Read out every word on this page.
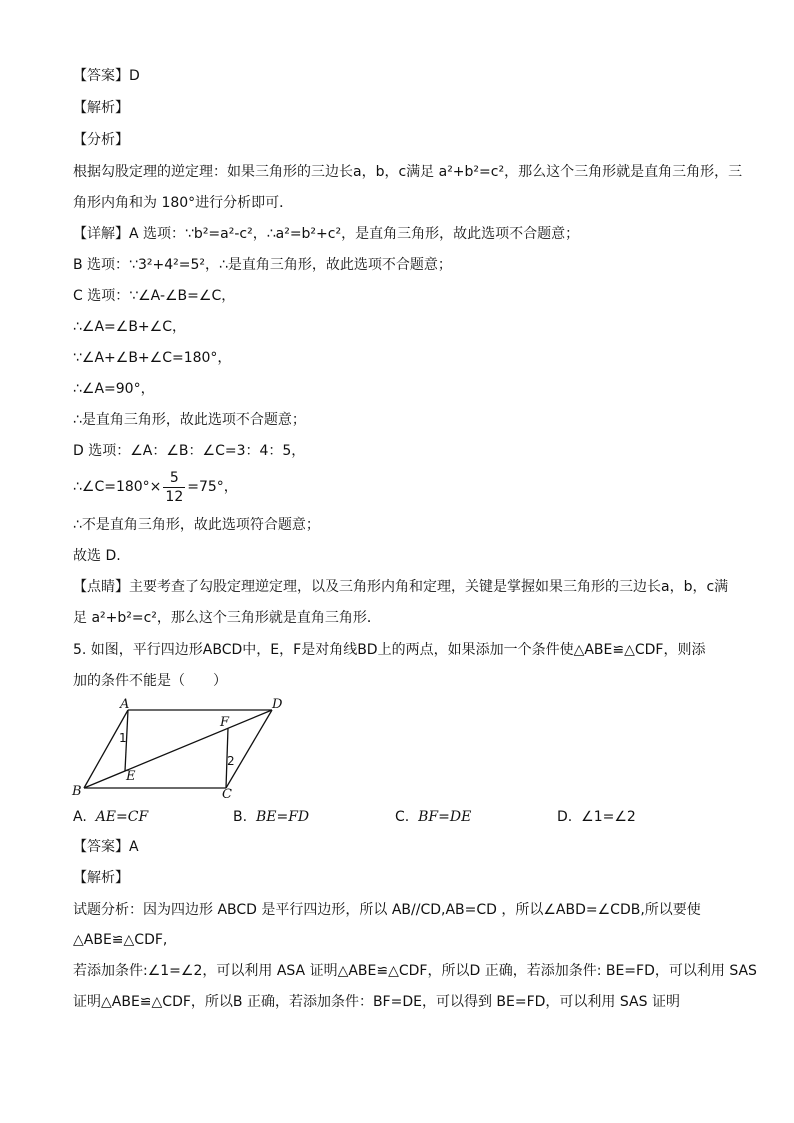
【答案】D
【解析】
【分析】
根据勾股定理的逆定理：如果三角形的三边长a，b，c满足 a²+b²=c²，那么这个三角形就是直角三角形，三
角形内角和为 180°进行分析即可．
【详解】A 选项：∵b²=a²-c²，∴a²=b²+c²，是直角三角形，故此选项不合题意；
B 选项：∵3²+4²=5²，∴是直角三角形，故此选项不合题意；
C 选项：∵∠A-∠B=∠C，
∴∠A=∠B+∠C，
∵∠A+∠B+∠C=180°，
∴∠A=90°，
∴是直角三角形，故此选项不合题意；
D 选项：∠A：∠B：∠C=3：4：5，
∴∠C=180°× $\frac{5}{12} =75^\circ$，
∴不是直角三角形，故此选项符合题意；
故选 D.
【点睛】主要考查了勾股定理逆定理，以及三角形内角和定理，关键是掌握如果三角形的三边长a，b，c满
足 a²+b²=c²，那么这个三角形就是直角三角形．
5. 如图，平行四边形ABCD中，E，F是对角线BD上的两点，如果添加一个条件使△ABE≌△CDF，则添
加的条件不能是（　　）
A	D
B	C
E
F
1
2
A. AE=CF	B. BE=FD	C. BF=DE	D. ∠1=∠2
【答案】A
【解析】
试题分析：因为四边形 ABCD 是平行四边形，所以 AB//CD,AB=CD ，所以∠ABD=∠CDB,所以要使
△ABE≌△CDF,
若添加条件:∠1=∠2，可以利用 ASA 证明△ABE≌△CDF，所以D 正确，若添加条件: BE=FD，可以利用 SAS
证明△ABE≌△CDF，所以B 正确，若添加条件：BF=DE，可以得到 BE=FD，可以利用 SAS 证明
